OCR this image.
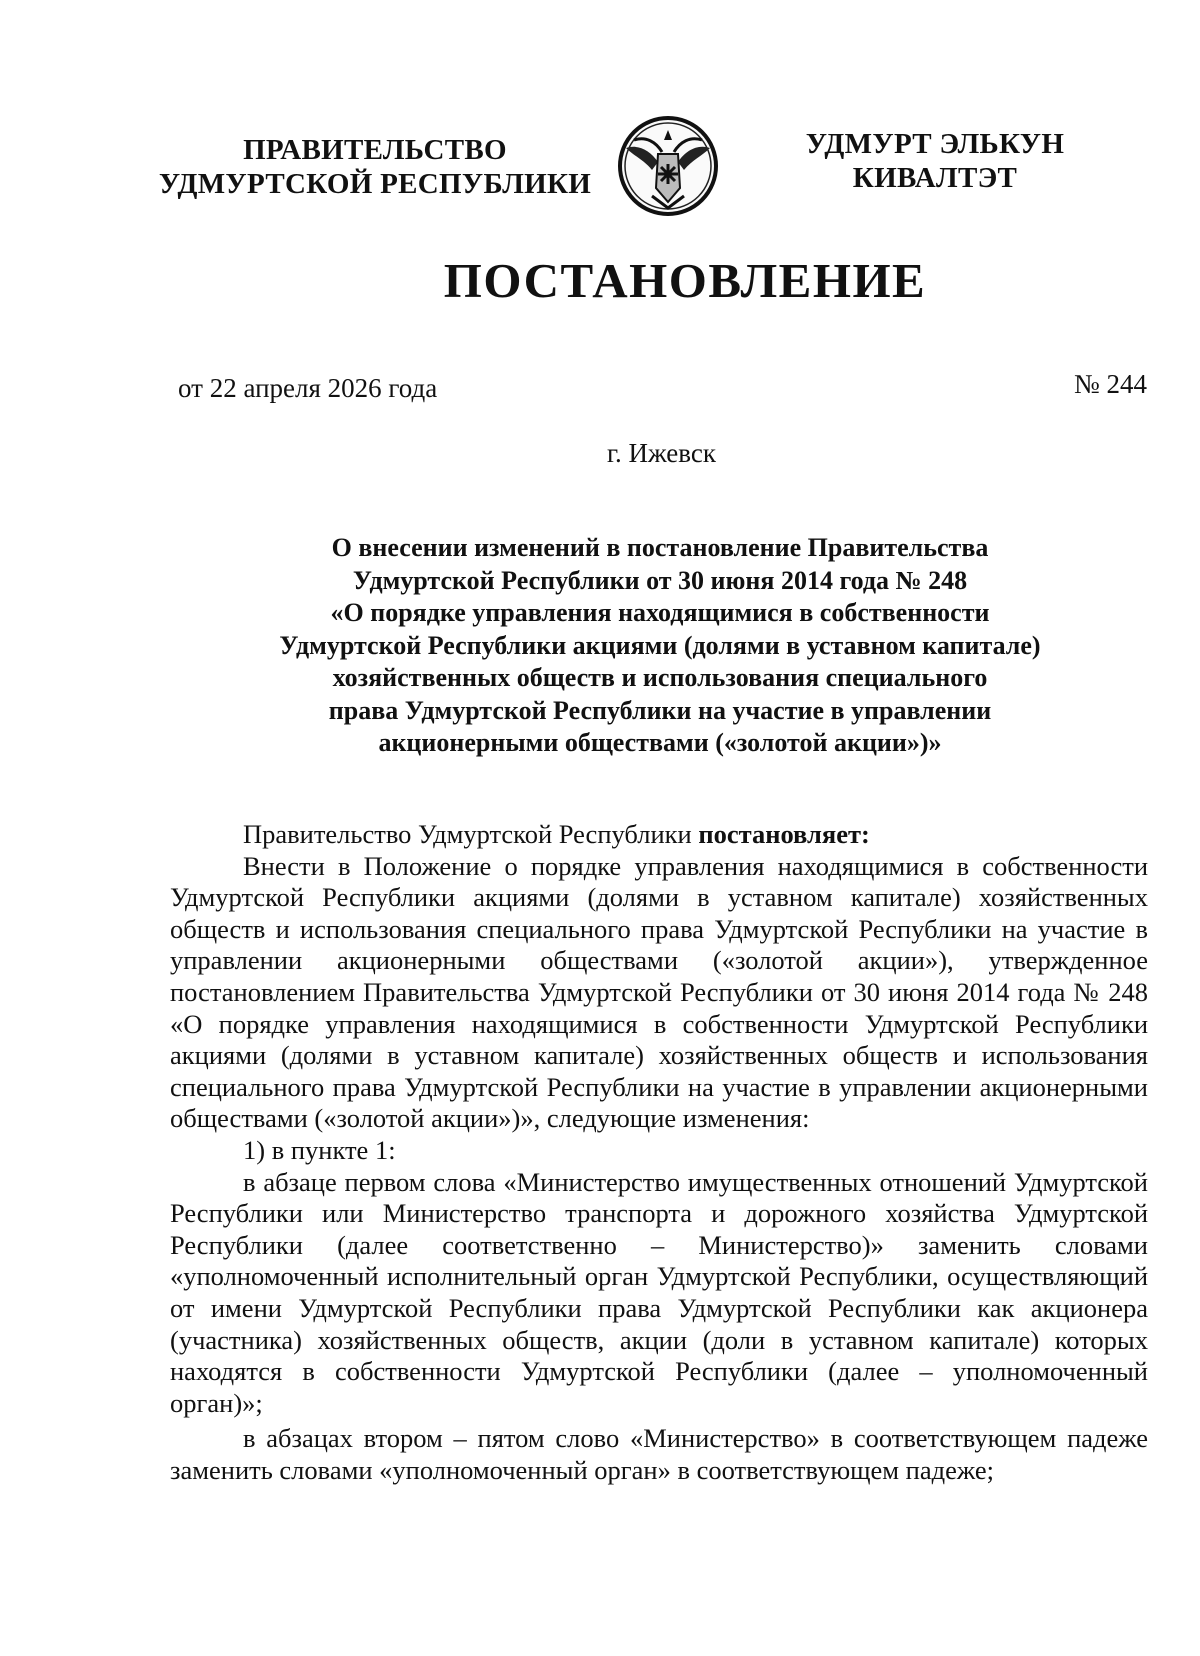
ПРАВИТЕЛЬСТВО
УДМУРТСКОЙ РЕСПУБЛИКИ
УДМУРТ ЭЛЬКУН
КИВАЛТЭТ
ПОСТАНОВЛЕНИЕ
от 22 апреля 2026 года	№ 244
г. Ижевск
О внесении изменений в постановление Правительства
Удмуртской Республики от 30 июня 2014 года № 248
«О порядке управления находящимися в собственности
Удмуртской Республики акциями (долями в уставном капитале)
хозяйственных обществ и использования специального
права Удмуртской Республики на участие в управлении
акционерными обществами («золотой акции»)»

Правительство Удмуртской Республики постановляет:

Внести в Положение о порядке управления находящимися в собственности Удмуртской Республики акциями (долями в уставном капитале) хозяйственных обществ и использования специального права Удмуртской Республики на участие в управлении акционерными обществами («золотой акции»), утвержденное постановлением Правительства Удмуртской Республики от 30 июня 2014 года № 248 «О порядке управления находящимися в собственности Удмуртской Республики акциями (долями в уставном капитале) хозяйственных обществ и использования специального права Удмуртской Республики на участие в управлении акционерными обществами («золотой акции»)», следующие изменения:

1) в пункте 1:

в абзаце первом слова «Министерство имущественных отношений Удмуртской Республики или Министерство транспорта и дорожного хозяйства Удмуртской Республики (далее соответственно – Министерство)» заменить словами «уполномоченный исполнительный орган Удмуртской Республики, осуществляющий от имени Удмуртской Республики права Удмуртской Республики как акционера (участника) хозяйственных обществ, акции (доли в уставном капитале) которых находятся в собственности Удмуртской Республики (далее – уполномоченный орган)»;

в абзацах втором – пятом слово «Министерство» в соответствующем падеже заменить словами «уполномоченный орган» в соответствующем падеже;
